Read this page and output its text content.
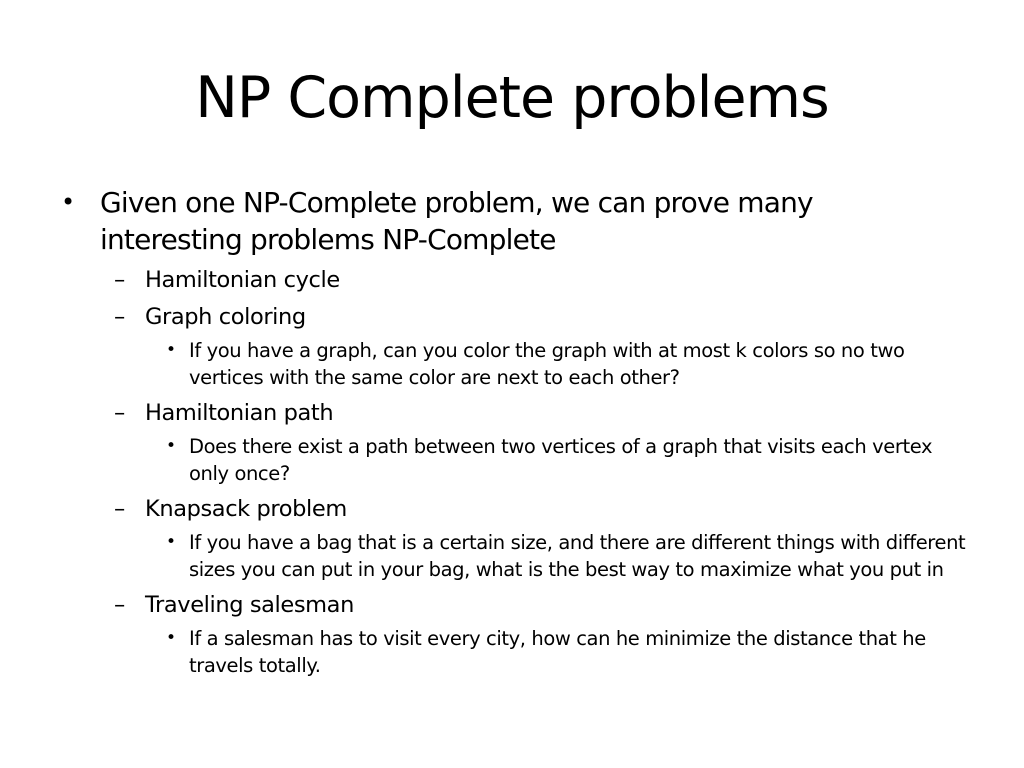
NP Complete problems
• Given one NP-Complete problem, we can prove many interesting problems NP-Complete
– Hamiltonian cycle
– Graph coloring
• If you have a graph, can you color the graph with at most k colors so no two vertices with the same color are next to each other?
– Hamiltonian path
• Does there exist a path between two vertices of a graph that visits each vertex only once?
– Knapsack problem
• If you have a bag that is a certain size, and there are different things with different sizes you can put in your bag, what is the best way to maximize what you put in
– Traveling salesman
• If a salesman has to visit every city, how can he minimize the distance that he travels totally.
